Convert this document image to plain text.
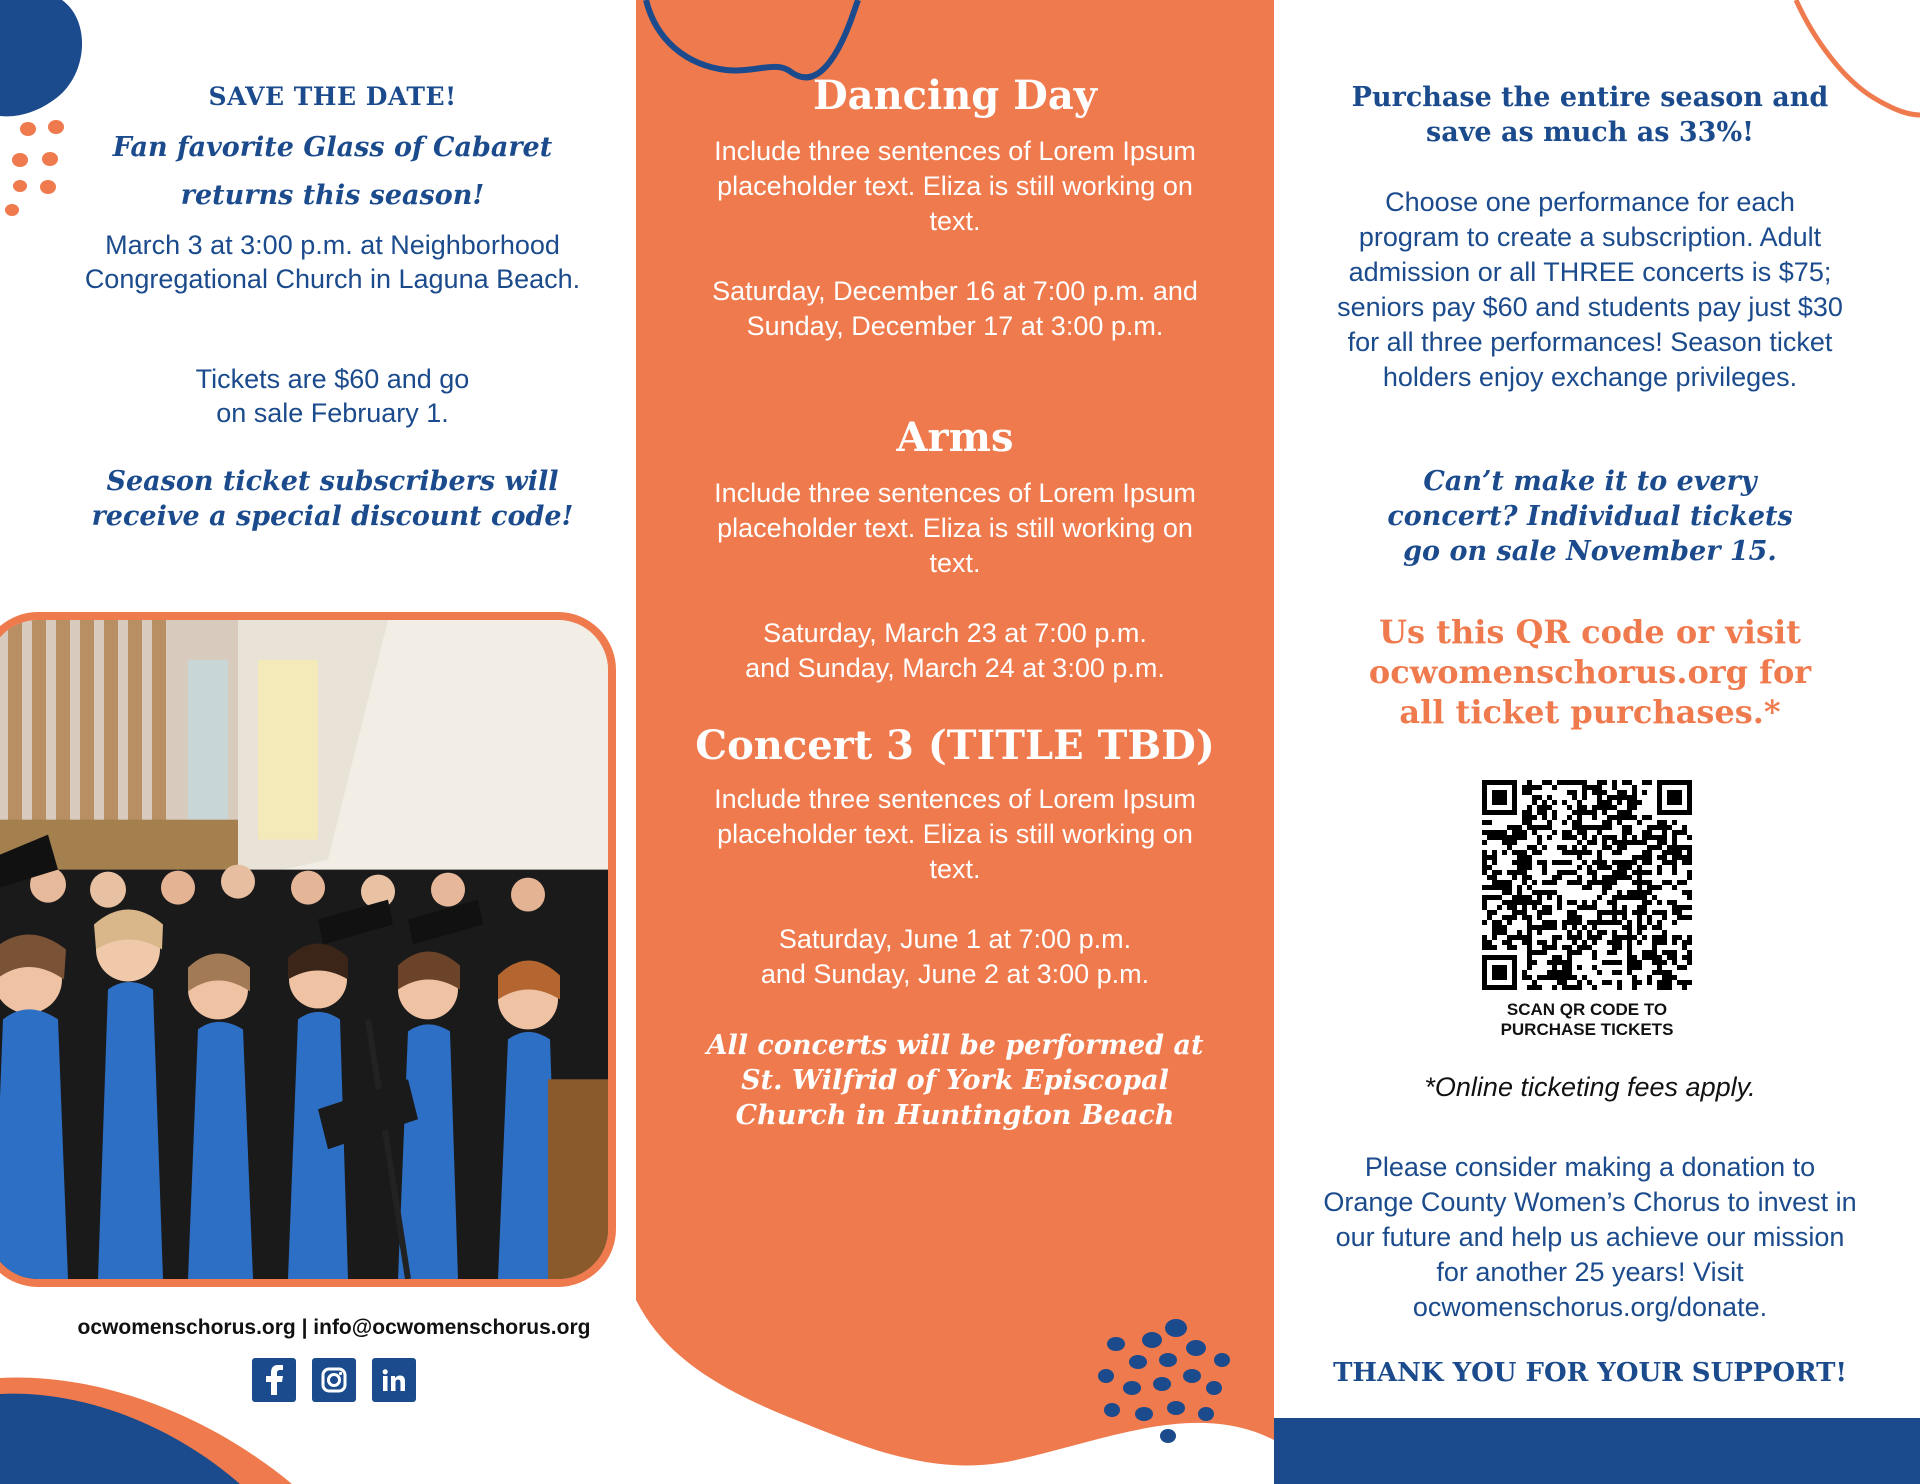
SAVE THE DATE!
Fan favorite Glass of Cabaret returns this season!
March 3 at 3:00 p.m. at Neighborhood Congregational Church in Laguna Beach.
Tickets are $60 and go
on sale February 1.
Season ticket subscribers will receive a special discount code!
ocwomenschorus.org | info@ocwomenschorus.org
Dancing Day
Include three sentences of Lorem Ipsum placeholder text. Eliza is still working on text.
Saturday, December 16 at 7:00 p.m. and Sunday, December 17 at 3:00 p.m.
Arms
Include three sentences of Lorem Ipsum placeholder text. Eliza is still working on text.
Saturday, March 23 at 7:00 p.m.
and Sunday, March 24 at 3:00 p.m.
Concert 3 (TITLE TBD)
Include three sentences of Lorem Ipsum placeholder text. Eliza is still working on text.
Saturday, June 1 at 7:00 p.m.
and Sunday, June 2 at 3:00 p.m.
All concerts will be performed at St. Wilfrid of York Episcopal Church in Huntington Beach
Purchase the entire season and save as much as 33%!
Choose one performance for each program to create a subscription. Adult admission or all THREE concerts is $75; seniors pay $60 and students pay just $30 for all three performances! Season ticket holders enjoy exchange privileges.
Can’t make it to every concert? Individual tickets go on sale November 15.
Us this QR code or visit ocwomenschorus.org for all ticket purchases.*
SCAN QR CODE TO
PURCHASE TICKETS
*Online ticketing fees apply.
Please consider making a donation to Orange County Women’s Chorus to invest in our future and help us achieve our mission for another 25 years! Visit ocwomenschorus.org/donate.
THANK YOU FOR YOUR SUPPORT!
